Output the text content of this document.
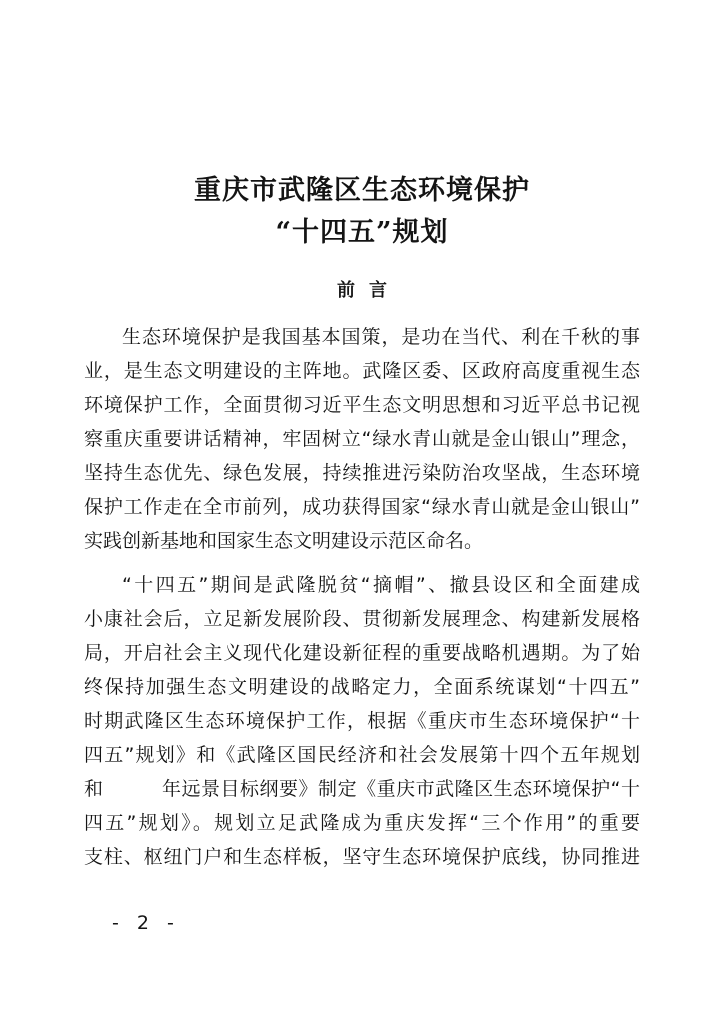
重庆市武隆区生态环境保护
“十四五”规划
前言
生态环境保护是我国基本国策，是功在当代、利在千秋的事
业，是生态文明建设的主阵地。武隆区委、区政府高度重视生态
环境保护工作，全面贯彻习近平生态文明思想和习近平总书记视
察重庆重要讲话精神，牢固树立“绿水青山就是金山银山”理念，
坚持生态优先、绿色发展，持续推进污染防治攻坚战，生态环境
保护工作走在全市前列，成功获得国家“绿水青山就是金山银山”
实践创新基地和国家生态文明建设示范区命名。
“十四五”期间是武隆脱贫“摘帽”、撤县设区和全面建成
小康社会后，立足新发展阶段、贯彻新发展理念、构建新发展格
局，开启社会主义现代化建设新征程的重要战略机遇期。为了始
终保持加强生态文明建设的战略定力，全面系统谋划“十四五”
时期武隆区生态环境保护工作，根据《重庆市生态环境保护“十
四五”规划》和《武隆区国民经济和社会发展第十四个五年规划
和　　　年远景目标纲要》制定《重庆市武隆区生态环境保护“十
四五”规划》。规划立足武隆成为重庆发挥“三个作用”的重要
支柱、枢纽门户和生态样板，坚守生态环境保护底线，协同推进
- 2 -
